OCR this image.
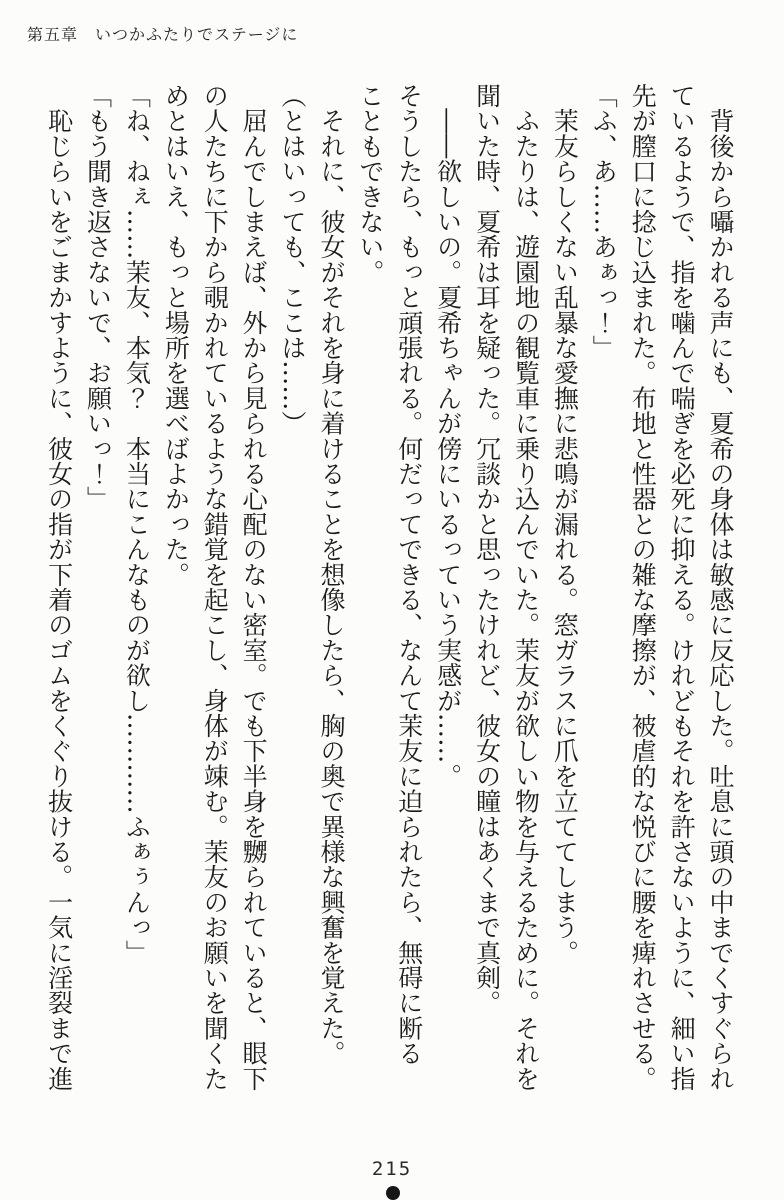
第五章 いつかふたりでステージに
　背後から囁かれる声にも、夏希の身体は敏感に反応した。吐息に頭の中までくすぐられ
ているようで、指を噛んで喘ぎを必死に抑える。けれどもそれを許さないように、細い指
先が膣口に捻じ込まれた。布地と性器との雑な摩擦が、被虐的な悦びに腰を痺れさせる。
「ふ、あ……あぁっ！」
　茉友らしくない乱暴な愛撫に悲鳴が漏れる。窓ガラスに爪を立ててしまう。
　ふたりは、遊園地の観覧車に乗り込んでいた。茉友が欲しい物を与えるために。それを
聞いた時、夏希は耳を疑った。冗談かと思ったけれど、彼女の瞳はあくまで真剣。
　――欲しいの。夏希ちゃんが傍にいるっていう実感が……。
そうしたら、もっと頑張れる。何だってできる、なんて茉友に迫られたら、無碍に断る
こともできない。
　それに、彼女がそれを身に着けることを想像したら、胸の奥で異様な興奮を覚えた。
（とはいっても、ここは……）
　屈んでしまえば、外から見られる心配のない密室。でも下半身を嬲られていると、眼下
の人たちに下から覗かれているような錯覚を起こし、身体が竦む。茉友のお願いを聞くた
めとはいえ、もっと場所を選べばよかった。
「ね、ねぇ……茉友、本気？　本当にこんなものが欲し…………ふぁぅんっ」
「もう聞き返さないで、お願いっ！」
　恥じらいをごまかすように、彼女の指が下着のゴムをくぐり抜ける。一気に淫裂まで進
215
